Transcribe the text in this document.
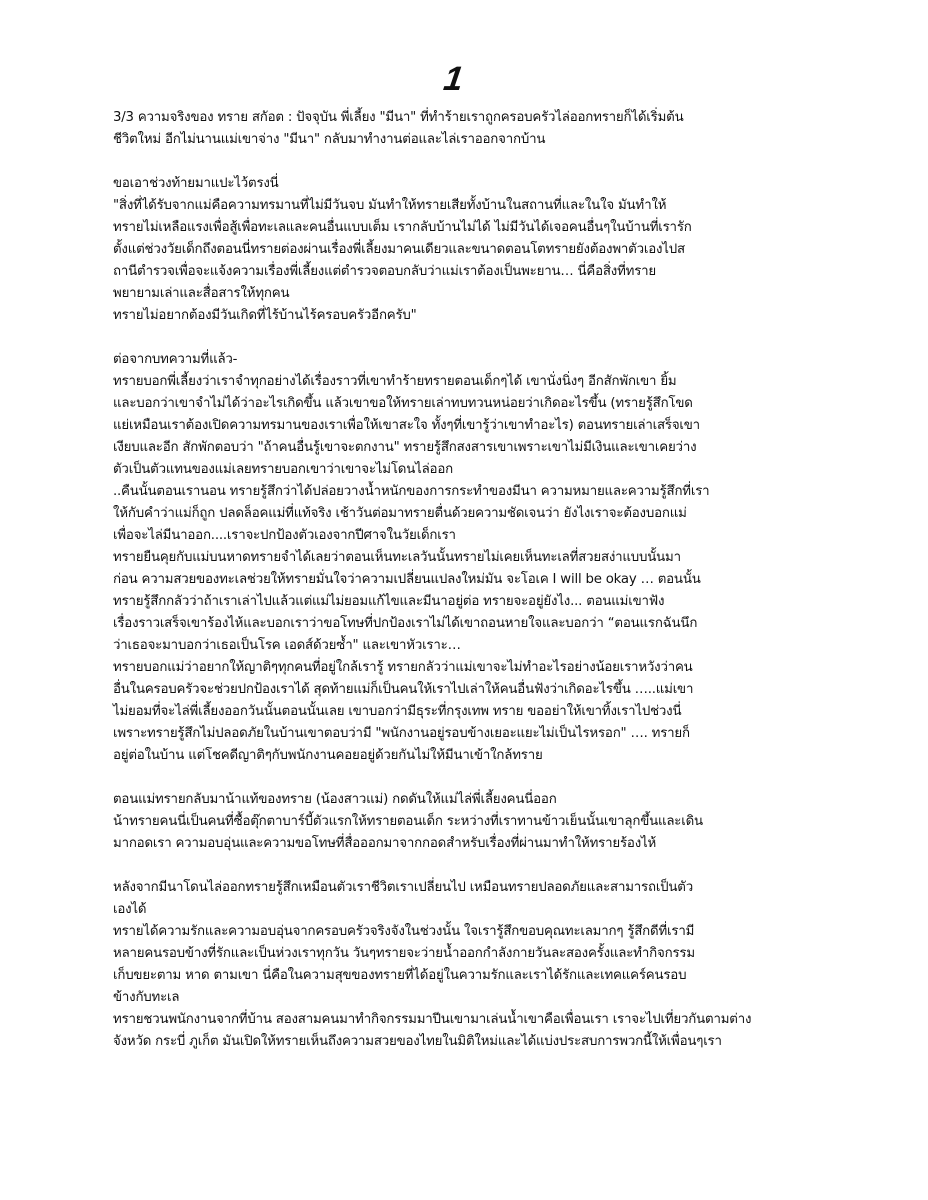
1
3/3 ความจริงของ ทราย สกัอต : ปัจจุบัน พี่เลี้ยง "มีนา" ที่ทำร้ายเราถูกครอบครัวไล่ออกทรายก็ได้เริ่มต้น
ชีวิตใหม่ อีกไม่นานแม่เขาจ่าง "มีนา" กลับมาทำงานต่อและไล่เราออกจากบ้าน
ขอเอาช่วงท้ายมาแปะไว้ตรงนี่
"สิ่งที่ได้รับจากแม่คือความทรมานที่ไม่มีวันจบ มันทำให้ทรายเสียทั้งบ้านในสถานที่และในใจ มันทำให้
ทรายไม่เหลือแรงเพื่อสู้เพื่อทะเลและคนอื่นแบบเต็ม เรากลับบ้านไม่ได้ ไม่มีวันได้เจอคนอื่นๆในบ้านที่เรารัก
ตั้งแต่ช่วงวัยเด็กถึงตอนนี่ทรายต่องผ่านเรื่องพี่เลี้ยงมาคนเดียวและขนาดตอนโตทรายยังต้องพาตัวเองไปส
ถานีตำรวจเพื่อจะแจ้งความเรื่องพี่เลี้ยงแต่ตำรวจตอบกลับว่าแม่เราต้องเป็นพะยาน… นี่คือสิ่งที่ทราย
พยายามเล่าและสื่อสารให้ทุกคน
ทรายไม่อยากต้องมีวันเกิดที่ไร้บ้านไร้ครอบครัวอีกครับ"
ต่อจากบทความที่แล้ว-
ทรายบอกพี่เลี้ยงว่าเราจำทุกอย่างได้เรื่องราวที่เขาทำร้ายทรายตอนเด็กๆได้ เขานั่งนิ่งๆ อีกสักพักเขา ยิ้ม
และบอกว่าเขาจำไม่ได้ว่าอะไรเกิดขึ้น แล้วเขาขอให้ทรายเล่าทบทวนหน่อยว่าเกิดอะไรขึ้น (ทรายรู้สึกโขด
แย่เหมือนเราต้องเปิดความทรมานของเราเพื่อให้เขาสะใจ ทั้งๆที่เขารู้ว่าเขาทำอะไร) ตอนทรายเล่าเสร็จเขา
เงียบและอีก สักพักตอบว่า "ถ้าคนอื่นรู้เขาจะตกงาน" ทรายรู้สึกสงสารเขาเพราะเขาไม่มีเงินและเขาเคยว่าง
ตัวเป็นตัวแทนของแม่เลยทรายบอกเขาว่าเขาจะไม่โดนไล่ออก
..คืนนั้นตอนเรานอน ทรายรู้สึกว่าได้ปล่อยวางน้ำหนักของการกระทำของมีนา ความหมายและความรู้สึกที่เรา
ให้กับคำว่าแม่ก็ถูก ปลดล็อคแม่ที่แท้จริง เช้าวันต่อมาทรายตื่นด้วยความชัดเจนว่า ยังไงเราจะต้องบอกแม่
เพื่อจะไล่มีนาออก....เราจะปกป้องตัวเองจากปีศาจในวัยเด็กเรา
ทรายยืนคุยกับแม่บนหาดทรายจำได้เลยว่าตอนเห็นทะเลวันนั้นทรายไม่เคยเห็นทะเลที่สวยสง่าแบบนั้นมา
ก่อน ความสวยของทะเลช่วยให้ทรายมั่นใจว่าความเปลี่ยนแปลงใหม่มัน จะโอเค I will be okay … ตอนนั้น
ทรายรู้สึกกลัวว่าถ้าเราเล่าไปแล้วแต่แม่ไม่ยอมแก้ไขและมีนาอยู่ต่อ ทรายจะอยู่ยังไง... ตอนแม่เขาฟัง
เรื่องราวเสร็จเขาร้องไห้และบอกเราว่าขอโทษที่ปกป้องเราไม่ได้เขาถอนหายใจและบอกว่า “ตอนแรกฉันนึก
ว่าเธอจะมาบอกว่าเธอเป็นโรค เอดส์ด้วยซ้ำ" และเขาหัวเราะ…
ทรายบอกแม่ว่าอยากให้ญาติๆทุกคนที่อยู่ใกล้เรารู้ ทรายกลัวว่าแม่เขาจะไม่ทำอะไรอย่างน้อยเราหวังว่าคน
อื่นในครอบครัวจะช่วยปกป้องเราได้ สุดท้ายแม่ก็เป็นคนให้เราไปเล่าให้คนอื่นฟังว่าเกิดอะไรขึ้น …..แม่เขา
ไม่ยอมที่จะไล่พี่เลี้ยงออกวันนั้นตอนนั้นเลย เขาบอกว่ามีธุระที่กรุงเทพ ทราย ขออย่าให้เขาทิ้งเราไปช่วงนี่
เพราะทรายรู้สึกไม่ปลอดภัยในบ้านเขาตอบว่ามี "พนักงานอยู่รอบข้างเยอะแยะไม่เป็นไรหรอก" …. ทรายก็
อยู่ต่อในบ้าน แต่โชคดีญาติๆกับพนักงานคอยอยู่ด้วยกันไม่ให้มีนาเข้าใกล้ทราย
ตอนแม่ทรายกลับมาน้าแท้ของทราย (น้องสาวแม่) กดดันให้แม่ไล่พี่เลี้ยงคนนี่ออก
น้าทรายคนนี่เป็นคนที่ซื้อตุ๊กตาบาร์บี้ตัวแรกให้ทรายตอนเด็ก ระหว่างที่เราทานข้าวเย็นนั้นเขาลุกขึ้นและเดิน
มากอดเรา ความอบอุ่นและความขอโทษที่สื่อออกมาจากกอดสำหรับเรื่องที่ผ่านมาทำให้ทรายร้องไห้
หลังจากมีนาโดนไล่ออกทรายรู้สึกเหมือนตัวเราชีวิตเราเปลี่ยนไป เหมือนทรายปลอดภัยและสามารถเป็นตัว
เองได้
ทรายได้ความรักและความอบอุ่นจากครอบครัวจริงจังในช่วงนั้น ใจเรารู้สึกขอบคุณทะเลมากๆ รู้สึกดีที่เรามี
หลายคนรอบข้างที่รักและเป็นห่วงเราทุกวัน วันๆทรายจะว่ายน้ำออกกำลังกายวันละสองครั้งและทำกิจกรรม
เก็บขยะตาม หาด ตามเขา นี่คือในความสุขของทรายที่ได้อยู่ในความรักและเราได้รักและเทคแคร์คนรอบ
ข้างกับทะเล
ทรายชวนพนักงานจากที่บ้าน สองสามคนมาทำกิจกรรมมาปีนเขามาเล่นน้ำเขาคือเพื่อนเรา เราจะไปเที่ยวกันตามต่าง
จังหวัด กระบี่ ภูเก็ต มันเปิดให้ทรายเห็นถึงความสวยของไทยในมิติใหม่และได้แบ่งประสบการพวกนี้ให้เพื่อนๆเรา
